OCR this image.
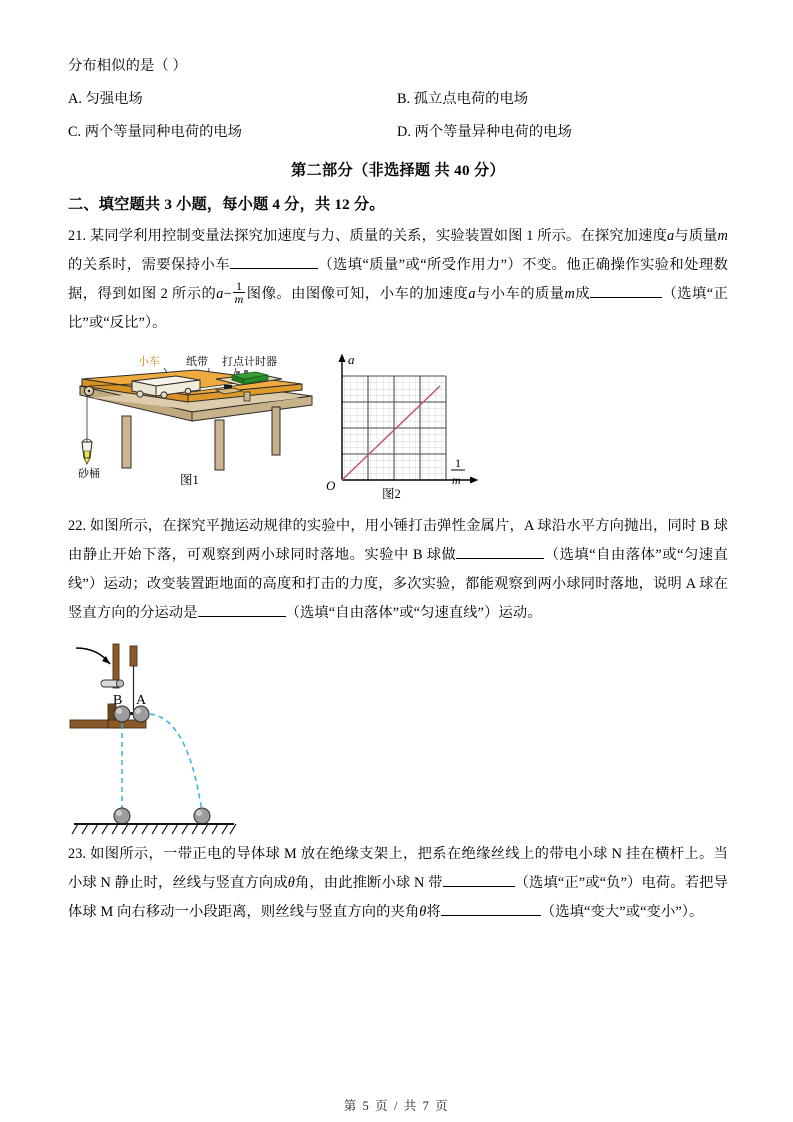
分布相似的是（ ）
A. 匀强电场	B. 孤立点电荷的电场
C. 两个等量同种电荷的电场	D. 两个等量异种电荷的电场
第二部分（非选择题 共 40 分）
二、填空题共 3 小题，每小题 4 分，共 12 分。
21. 某同学利用控制变量法探究加速度与力、质量的关系，实验装置如图 1 所示。在探究加速度a与质量m的关系时，需要保持小车	（选填“质量”或“所受作用力”）不变。他正确操作实验和处理数据，得到如图 2 所示的$a- \frac{1}{m}$ 图像。由图像可知，小车的加速度a与小车的质量m成	（选填“正比”或“反比”）。
小车 纸带 打点计时器
砂桶	图1
a
O
1
m
图2
22. 如图所示，在探究平抛运动规律的实验中，用小锤打击弹性金属片，A 球沿水平方向抛出，同时 B 球由静止开始下落，可观察到两小球同时落地。实验中 B 球做	（选填“自由落体”或“匀速直线”）运动；改变装置距地面的高度和打击的力度，多次实验，都能观察到两小球同时落地，说明 A 球在竖直方向的分运动是	（选填“自由落体”或“匀速直线”）运动。
B A
23. 如图所示，一带正电的导体球 M 放在绝缘支架上，把系在绝缘丝线上的带电小球 N 挂在横杆上。当小球 N 静止时，丝线与竖直方向成θ角，由此推断小球 N 带	（选填“正”或“负”）电荷。若把导体球 M 向右移动一小段距离，则丝线与竖直方向的夹角θ将	（选填“变大”或“变小”）。
第 5 页 / 共 7 页
